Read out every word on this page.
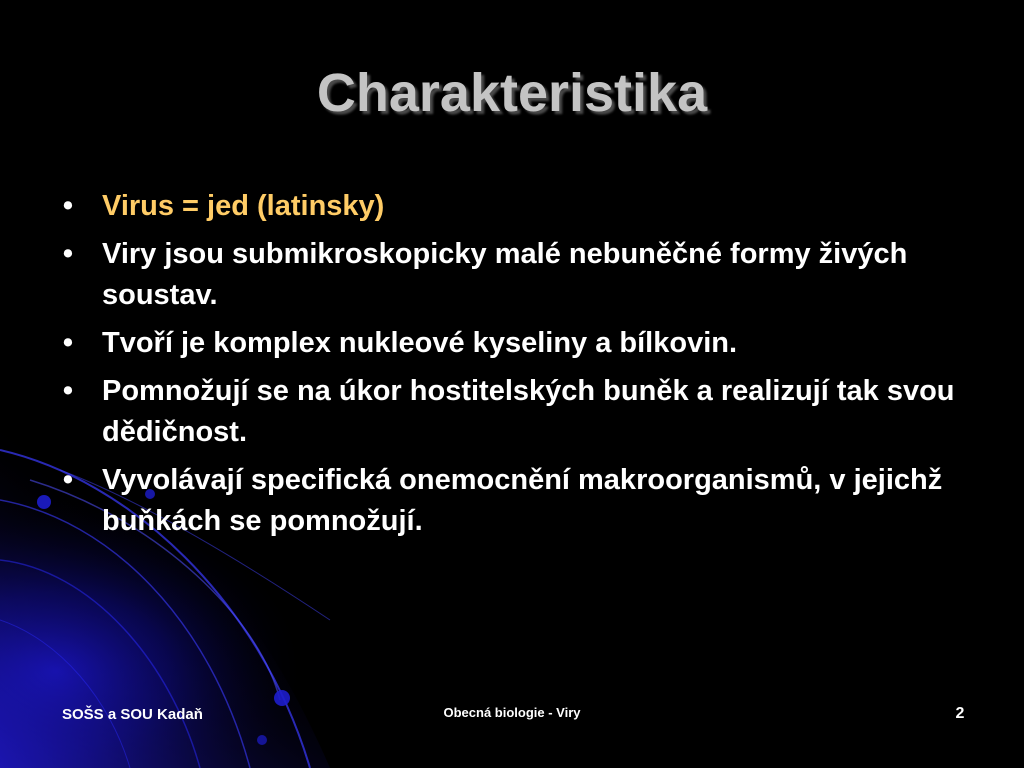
Charakteristika
• Virus = jed (latinsky)
• Viry jsou submikroskopicky malé nebuněčné formy živých soustav.
• Tvoří je komplex nukleové kyseliny a bílkovin.
• Pomnožují se na úkor hostitelských buněk a realizují tak svou dědičnost.
• Vyvolávají specifická onemocnění makroorganismů, v jejichž buňkách se pomnožují.
SOŠS a SOU Kadaň	Obecná biologie - Viry	2
